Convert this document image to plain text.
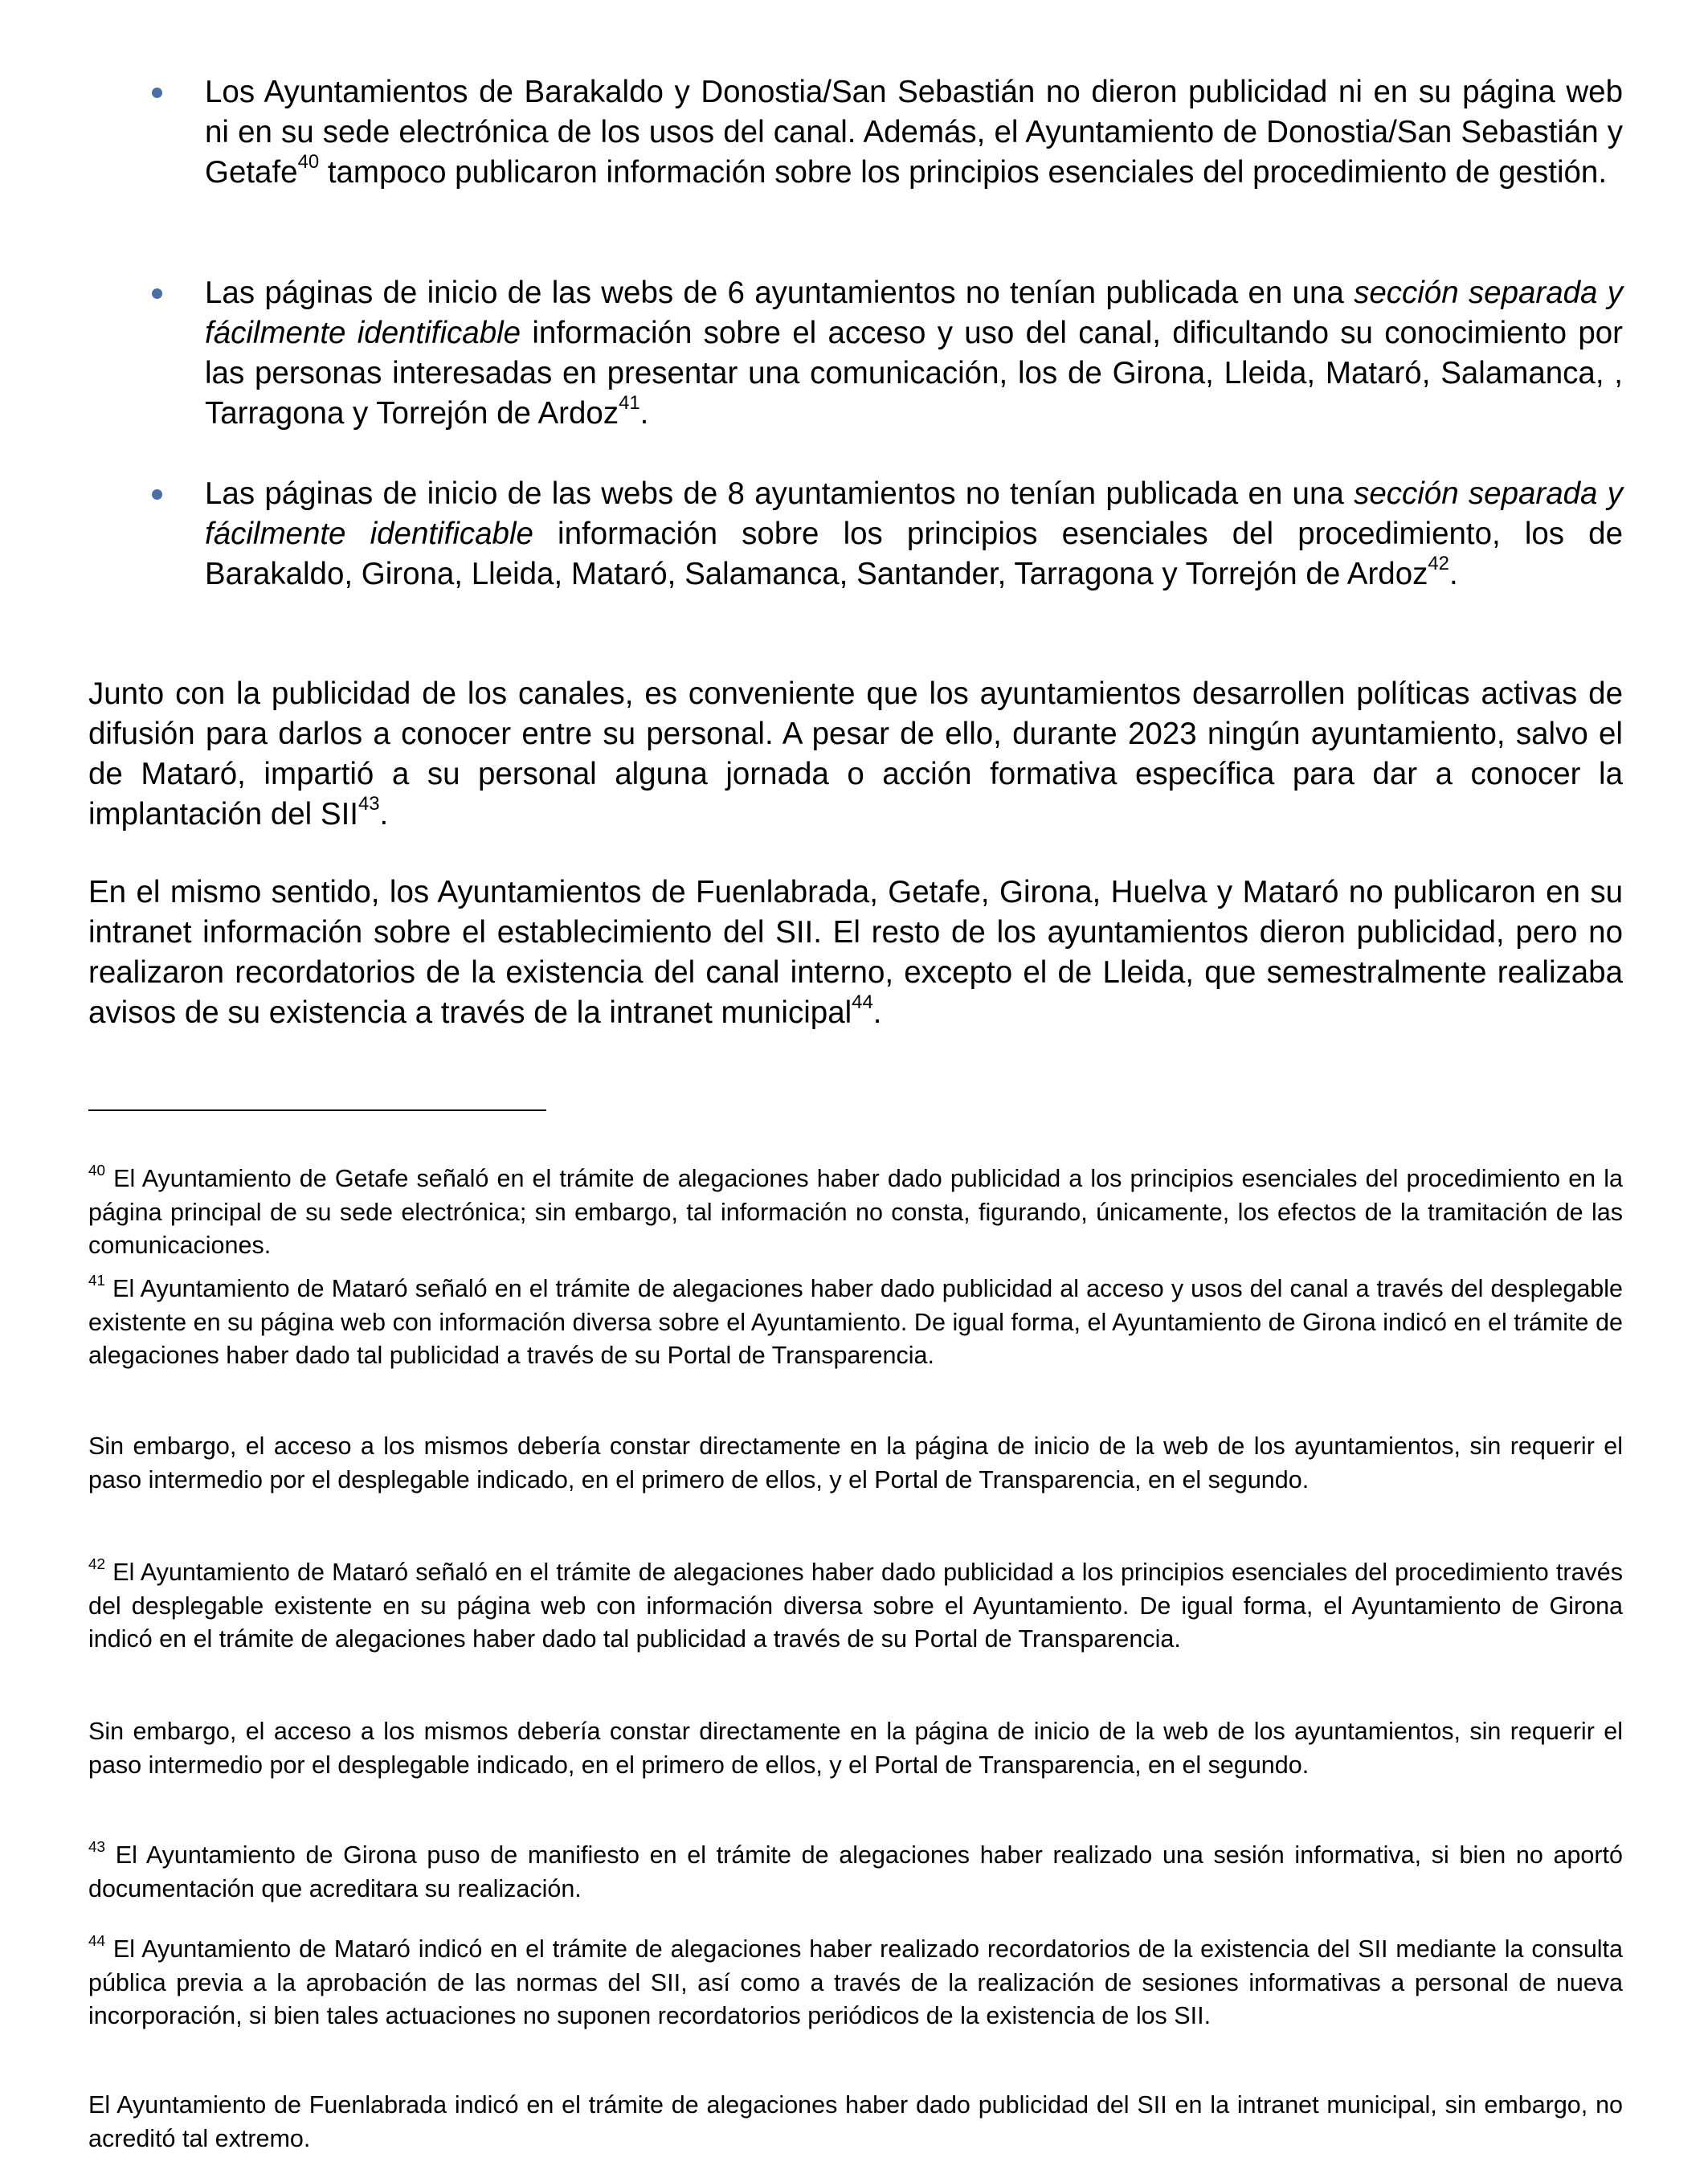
Los Ayuntamientos de Barakaldo y Donostia/San Sebastián no dieron publicidad ni en su página web ni en su sede electrónica de los usos del canal. Además, el Ayuntamiento de Donostia/San Sebastián y Getafe$^{40}$ tampoco publicaron información sobre los principios esenciales del procedimiento de gestión.
Las páginas de inicio de las webs de 6 ayuntamientos no tenían publicada en una sección separada y fácilmente identificable información sobre el acceso y uso del canal, dificultando su conocimiento por las personas interesadas en presentar una comunicación, los de Girona, Lleida, Mataró, Salamanca, , Tarragona y Torrejón de Ardoz$^{41}$.
Las páginas de inicio de las webs de 8 ayuntamientos no tenían publicada en una sección separada y fácilmente identificable información sobre los principios esenciales del procedimiento, los de Barakaldo, Girona, Lleida, Mataró, Salamanca, Santander, Tarragona y Torrejón de Ardoz$^{42}$.
Junto con la publicidad de los canales, es conveniente que los ayuntamientos desarrollen políticas activas de difusión para darlos a conocer entre su personal. A pesar de ello, durante 2023 ningún ayuntamiento, salvo el de Mataró, impartió a su personal alguna jornada o acción formativa específica para dar a conocer la implantación del SII$^{43}$.
En el mismo sentido, los Ayuntamientos de Fuenlabrada, Getafe, Girona, Huelva y Mataró no publicaron en su intranet información sobre el establecimiento del SII. El resto de los ayuntamientos dieron publicidad, pero no realizaron recordatorios de la existencia del canal interno, excepto el de Lleida, que semestralmente realizaba avisos de su existencia a través de la intranet municipal$^{44}$.
$^{40}$ El Ayuntamiento de Getafe señaló en el trámite de alegaciones haber dado publicidad a los principios esenciales del procedimiento en la página principal de su sede electrónica; sin embargo, tal información no consta, figurando, únicamente, los efectos de la tramitación de las comunicaciones.
$^{41}$ El Ayuntamiento de Mataró señaló en el trámite de alegaciones haber dado publicidad al acceso y usos del canal a través del desplegable existente en su página web con información diversa sobre el Ayuntamiento. De igual forma, el Ayuntamiento de Girona indicó en el trámite de alegaciones haber dado tal publicidad a través de su Portal de Transparencia.
Sin embargo, el acceso a los mismos debería constar directamente en la página de inicio de la web de los ayuntamientos, sin requerir el paso intermedio por el desplegable indicado, en el primero de ellos, y el Portal de Transparencia, en el segundo.
$^{42}$ El Ayuntamiento de Mataró señaló en el trámite de alegaciones haber dado publicidad a los principios esenciales del procedimiento través del desplegable existente en su página web con información diversa sobre el Ayuntamiento. De igual forma, el Ayuntamiento de Girona indicó en el trámite de alegaciones haber dado tal publicidad a través de su Portal de Transparencia.
Sin embargo, el acceso a los mismos debería constar directamente en la página de inicio de la web de los ayuntamientos, sin requerir el paso intermedio por el desplegable indicado, en el primero de ellos, y el Portal de Transparencia, en el segundo.
$^{43}$ El Ayuntamiento de Girona puso de manifiesto en el trámite de alegaciones haber realizado una sesión informativa, si bien no aportó documentación que acreditara su realización.
$^{44}$ El Ayuntamiento de Mataró indicó en el trámite de alegaciones haber realizado recordatorios de la existencia del SII mediante la consulta pública previa a la aprobación de las normas del SII, así como a través de la realización de sesiones informativas a personal de nueva incorporación, si bien tales actuaciones no suponen recordatorios periódicos de la existencia de los SII.
El Ayuntamiento de Fuenlabrada indicó en el trámite de alegaciones haber dado publicidad del SII en la intranet municipal, sin embargo, no acreditó tal extremo.
